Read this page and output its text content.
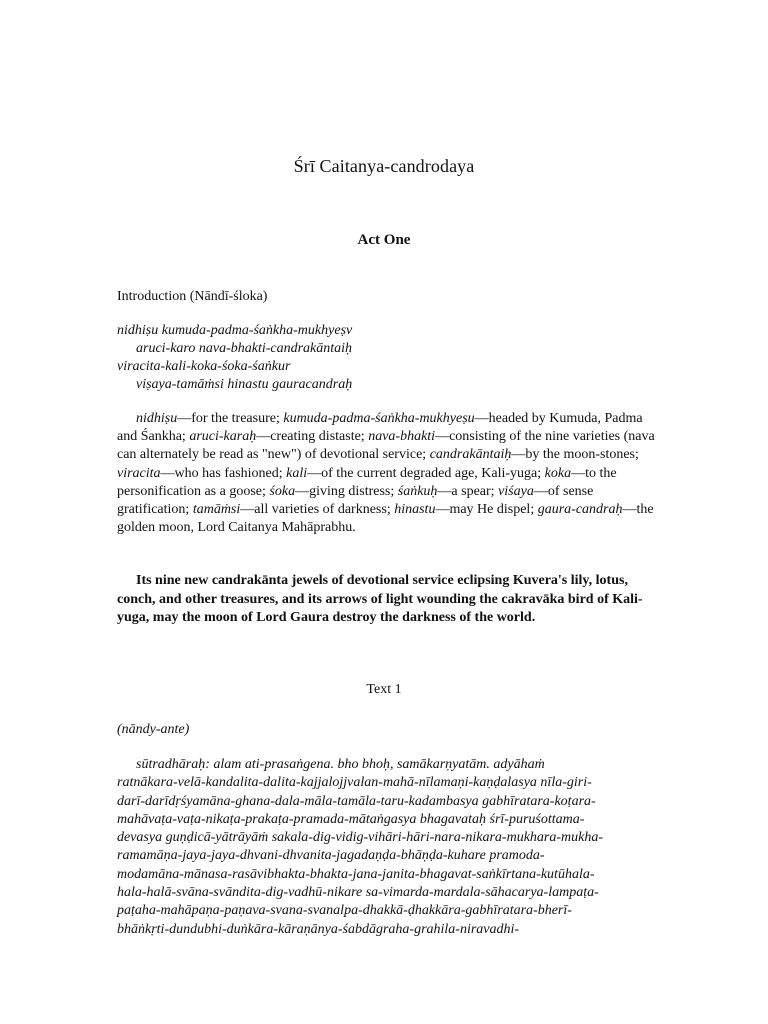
Śrī Caitanya-candrodaya
Act One
Introduction (Nāndī-śloka)
nidhiṣu kumuda-padma-śaṅkha-mukhyeṣv
aruci-karo nava-bhakti-candrakāntaiḥ
viracita-kali-koka-śoka-śaṅkur
viṣaya-tamāṁsi hinastu gauracandraḥ

nidhiṣu—for the treasure; kumuda-padma-śaṅkha-mukhyeṣu—headed by Kumuda, Padma and Śankha; aruci-karaḥ—creating distaste; nava-bhakti—consisting of the nine varieties (nava can alternately be read as "new") of devotional service; candrakāntaiḥ—by the moon-stones; viracita—who has fashioned; kali—of the current degraded age, Kali-yuga; koka—to the personification as a goose; śoka—giving distress; śaṅkuḥ—a spear; viśaya—of sense gratification; tamāṁsi—all varieties of darkness; hinastu—may He dispel; gaura-candraḥ—the golden moon, Lord Caitanya Mahāprabhu.

Its nine new candrakānta jewels of devotional service eclipsing Kuvera's lily, lotus, conch, and other treasures, and its arrows of light wounding the cakravāka bird of Kali-yuga, may the moon of Lord Gaura destroy the darkness of the world.

Text 1
(nāndy-ante)
sūtradhāraḥ: alam ati-prasaṅgena. bho bhoḥ, samākarṇyatām. adyāhaṁ
ratnākara-velā-kandalita-dalita-kajjalojjvalan-mahā-nīlamaṇi-kaṇḍalasya nīla-giri-
darī-darīdṛśyamāna-ghana-dala-māla-tamāla-taru-kadambasya gabhīratara-koṭara-
mahāvaṭa-vaṭa-nikaṭa-prakaṭa-pramada-mātaṅgasya bhagavataḥ śrī-puruśottama-
devasya guṇḍicā-yātrāyāṁ sakala-dig-vidig-vihāri-hāri-nara-nikara-mukhara-mukha-
ramamāṇa-jaya-jaya-dhvani-dhvanita-jagadaṇḍa-bhāṇḍa-kuhare pramoda-
modamāna-mānasa-rasāvibhakta-bhakta-jana-janita-bhagavat-saṅkīrtana-kutūhala-
hala-halā-svāna-svāndita-dig-vadhū-nikare sa-vimarda-mardala-sāhacarya-lampaṭa-
paṭaha-mahāpaṇa-paṇava-svana-svanalpa-dhakkā-ḍhakkāra-gabhīratara-bherī-
bhāṅkṛti-dundubhi-duṅkāra-kāraṇānya-śabdāgraha-grahila-niravadhi-
